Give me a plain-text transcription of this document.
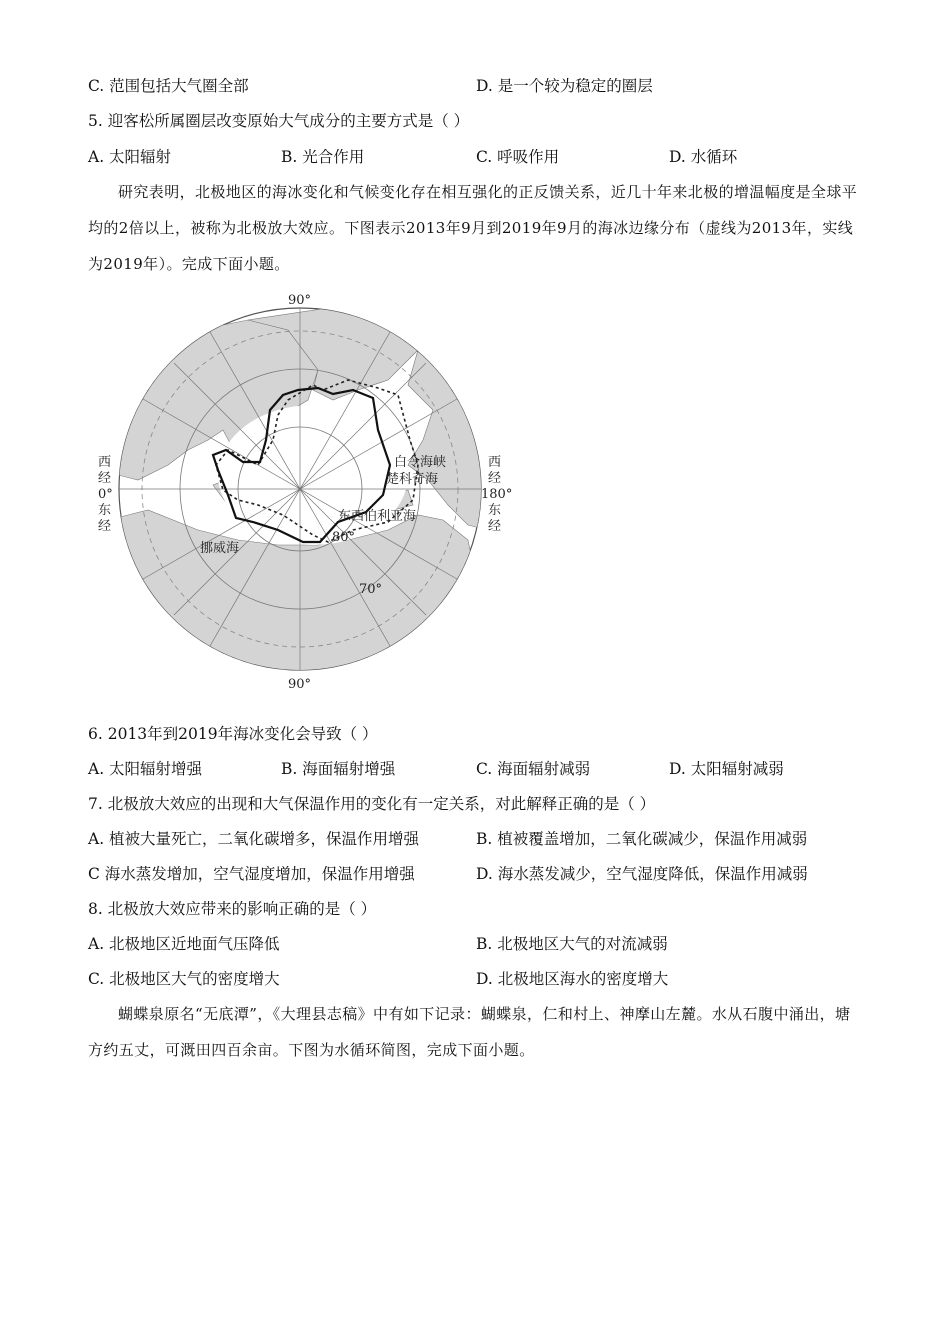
C. 范围包括大气圈全部	D. 是一个较为稳定的圈层
5. 迎客松所属圈层改变原始大气成分的主要方式是（ ）
A. 太阳辐射	B. 光合作用	C. 呼吸作用	D. 水循环
研究表明，北极地区的海冰变化和气候变化存在相互强化的正反馈关系，近几十年来北极的增温幅度是全球平均的2倍以上，被称为北极放大效应。下图表示2013年9月到2019年9月的海冰边缘分布（虚线为2013年，实线为2019年）。完成下面小题。
90°
90°
西
经
0°
东
经
西
经
180°
东
经
白令海峡
楚科奇海
东西伯利亚海
80°
70°
挪威海
6. 2013年到2019年海冰变化会导致（ ）
A. 太阳辐射增强	B. 海面辐射增强	C. 海面辐射减弱	D. 太阳辐射减弱
7. 北极放大效应的出现和大气保温作用的变化有一定关系，对此解释正确的是（ ）
A. 植被大量死亡，二氧化碳增多，保温作用增强	B. 植被覆盖增加，二氧化碳减少，保温作用减弱
C 海水蒸发增加，空气湿度增加，保温作用增强	D. 海水蒸发减少，空气湿度降低，保温作用减弱
8. 北极放大效应带来的影响正确的是（ ）
A. 北极地区近地面气压降低	B. 北极地区大气的对流减弱
C. 北极地区大气的密度增大	D. 北极地区海水的密度增大
蝴蝶泉原名“无底潭”，《大理县志稿》中有如下记录：蝴蝶泉，仁和村上、神摩山左麓。水从石腹中涌出，塘方约五丈，可溉田四百余亩。下图为水循环简图，完成下面小题。
